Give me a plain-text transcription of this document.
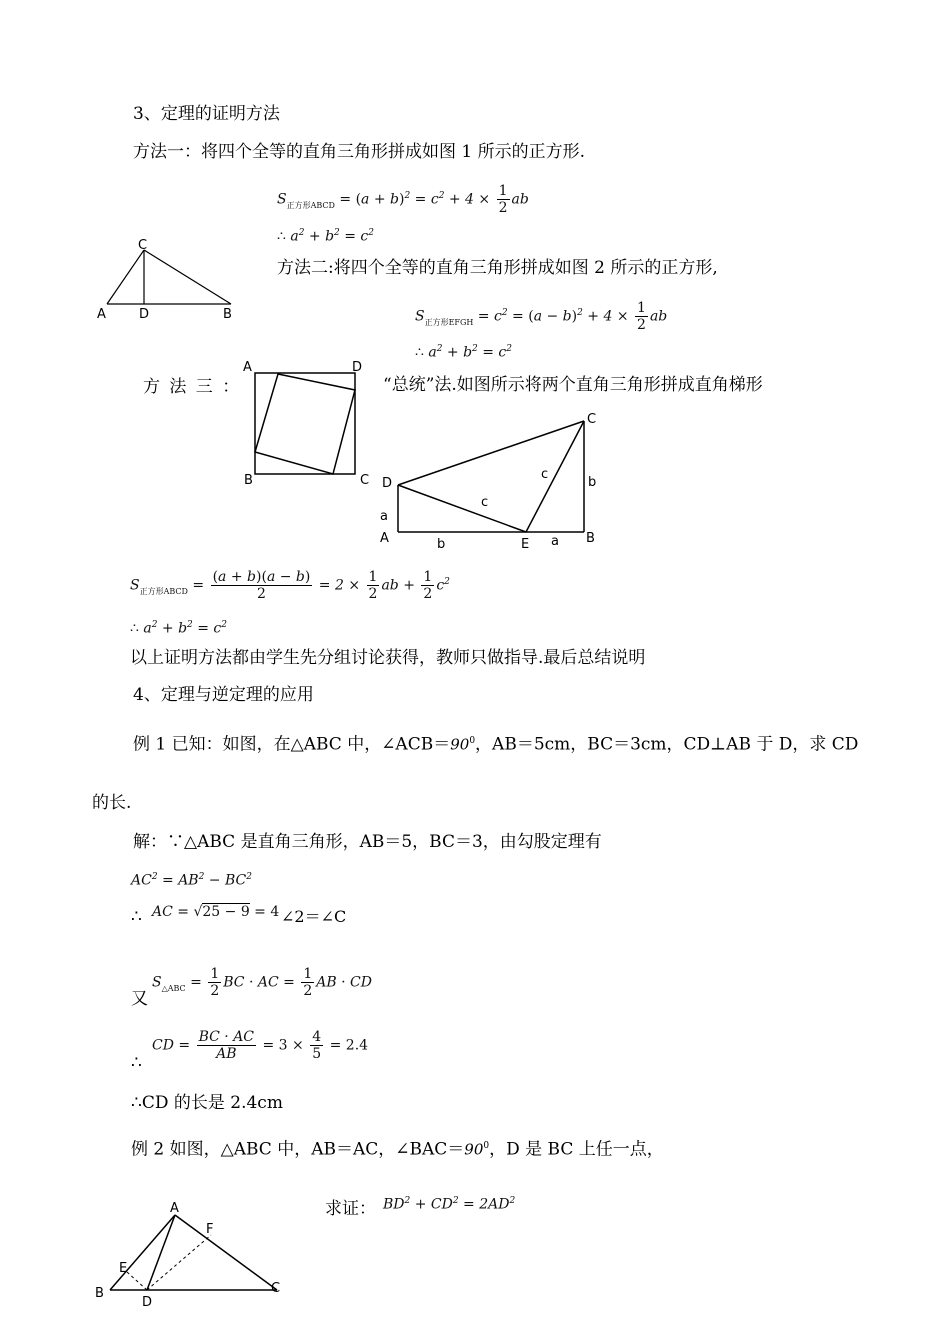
3、定理的证明方法
方法一：将四个全等的直角三角形拼成如图 1 所示的正方形.
$S_{正方形ABCD} = (a + b)^2 = c^2 + 4 \times \frac{1}{2}$ ab
∴ $a^2 + b^2 = c^2$
C
A	D	B
方法二:将四个全等的直角三角形拼成如图 2 所示的正方形,
$S_{正方形EFGH} = c^2 = (a - b)^2 + 4 \times \frac{1}{2}$ ab
∴ $a^2 + b^2 = c^2$
方 法 三 ：	“总统”法.如图所示将两个直角三角形拼成直角梯形
A	D
B	C
C
D
A	B
E
a
b
b	a
c
c
$S_{正方形ABCD} = \frac{(a + b)(a - b)}{2} = 2 \times \frac{1}{2}$ ab + $\frac{1}{2} c^2$
∴ $a^2 + b^2 = c^2$
以上证明方法都由学生先分组讨论获得，教师只做指导.最后总结说明
4、定理与逆定理的应用
例 1 已知：如图，在△ABC 中，$\angle ACB=90^0$，AB＝5cm，BC＝3cm，CD⊥AB 于 D，求 CD
的长.
解：∵△ABC 是直角三角形，AB＝5，BC＝3，由勾股定理有
$AC^2 = AB^2 - BC^2$
∴ AC = √25 − 9 = 4 ∠2＝∠C
又
$S_{\triangle ABC} = \frac{1}{2}$ BC · AC = $\frac{1}{2}$ AB · CD
∴
CD = $\frac{BC \cdot AC}{AB} = 3 \times \frac{4}{5} = 2.4$
∴CD 的长是 2.4cm
例 2 如图，△ABC 中，AB＝AC，$\angle BAC=90^0$，D 是 BC 上任一点，
求证： $BD^2 + CD^2 = 2AD^2$
A
F
E
B
D
C
